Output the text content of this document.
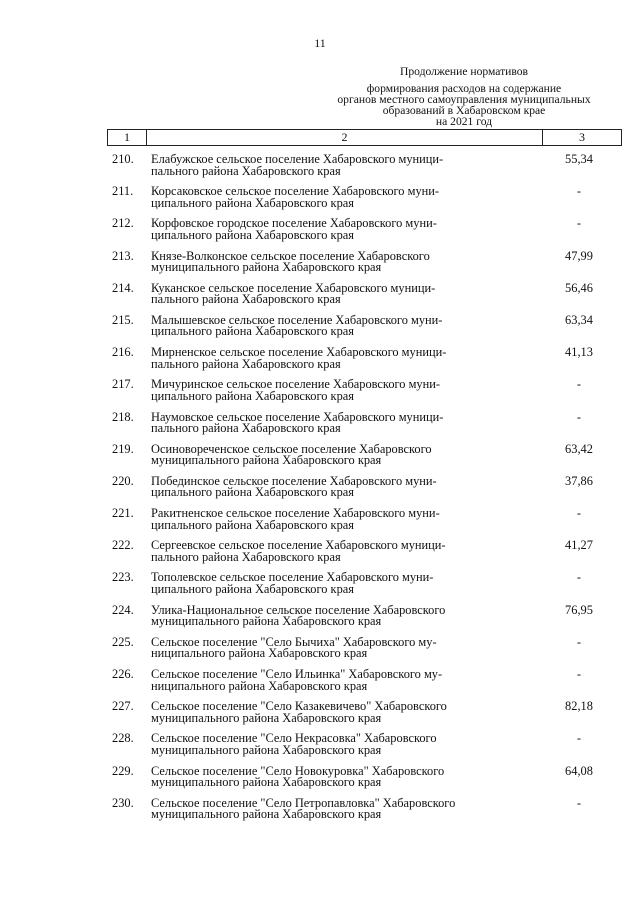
11
Продолжение нормативов
формирования расходов на содержание
органов местного самоуправления муниципальных
образований в Хабаровском крае
на 2021 год
1	2	3
210. Елабужское сельское поселение Хабаровского муници-
пального района Хабаровского края
55,34
211. Корсаковское сельское поселение Хабаровского муни-
ципального района Хабаровского края
-
212. Корфовское городское поселение Хабаровского муни-
ципального района Хабаровского края
-
213. Князе-Волконское сельское поселение Хабаровского
муниципального района Хабаровского края
47,99
214. Куканское сельское поселение Хабаровского муници-
пального района Хабаровского края
56,46
215. Малышевское сельское поселение Хабаровского муни-
ципального района Хабаровского края
63,34
216. Мирненское сельское поселение Хабаровского муници-
пального района Хабаровского края
41,13
217. Мичуринское сельское поселение Хабаровского муни-
ципального района Хабаровского края
-
218. Наумовское сельское поселение Хабаровского муници-
пального района Хабаровского края
-
219. Осиновореченское сельское поселение Хабаровского
муниципального района Хабаровского края
63,42
220. Побединское сельское поселение Хабаровского муни-
ципального района Хабаровского края
37,86
221. Ракитненское сельское поселение Хабаровского муни-
ципального района Хабаровского края
-
222. Сергеевское сельское поселение Хабаровского муници-
пального района Хабаровского края
41,27
223. Тополевское сельское поселение Хабаровского муни-
ципального района Хабаровского края
-
224. Улика-Национальное сельское поселение Хабаровского
муниципального района Хабаровского края
76,95
225. Сельское поселение "Село Бычиха" Хабаровского му-
ниципального района Хабаровского края
-
226. Сельское поселение "Село Ильинка" Хабаровского му-
ниципального района Хабаровского края
-
227. Сельское поселение "Село Казакевичево" Хабаровского
муниципального района Хабаровского края
82,18
228. Сельское поселение "Село Некрасовка" Хабаровского
муниципального района Хабаровского края
-
229. Сельское поселение "Село Новокуровка" Хабаровского
муниципального района Хабаровского края
64,08
230. Сельское поселение "Село Петропавловка" Хабаровского
муниципального района Хабаровского края
-
